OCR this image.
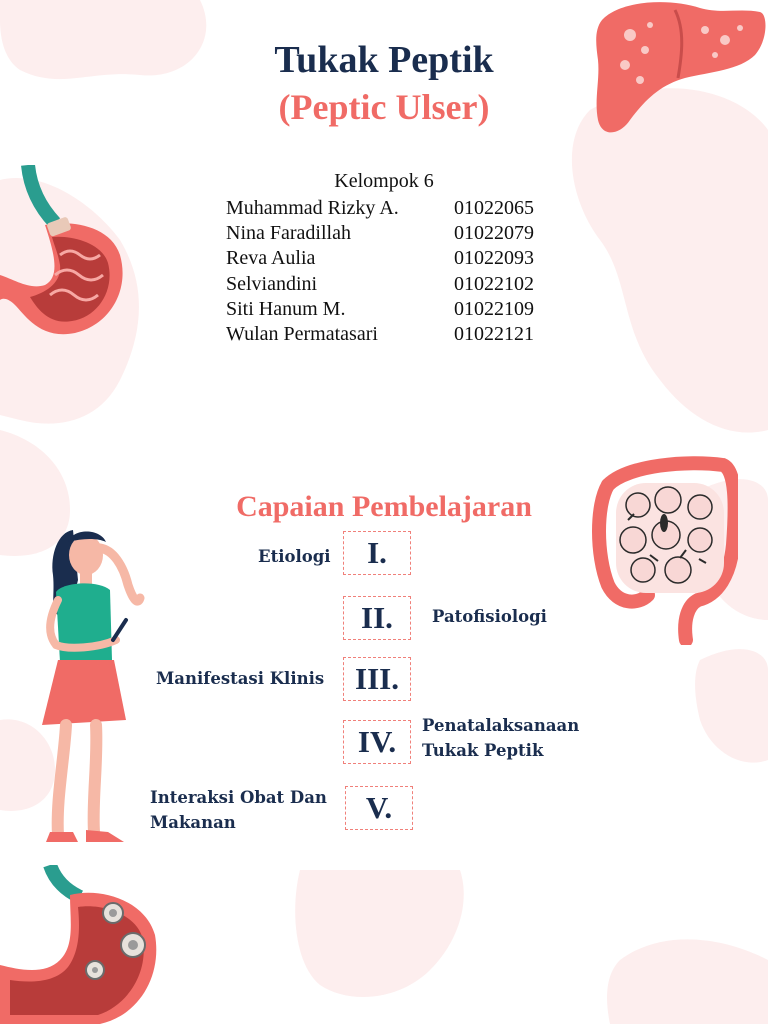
Tukak Peptik
(Peptic Ulser)
Kelompok 6
Muhammad Rizky A.	01022065
Nina Faradillah	01022079
Reva Aulia	01022093
Selviandini	01022102
Siti Hanum M.	01022109
Wulan Permatasari	01022121
Capaian Pembelajaran
I.
Etiologi
II.	Patofisiologi
III.
Manifestasi Klinis
IV.	Penatalaksanaan
Tukak Peptik
V.
Interaksi Obat Dan
Makanan
